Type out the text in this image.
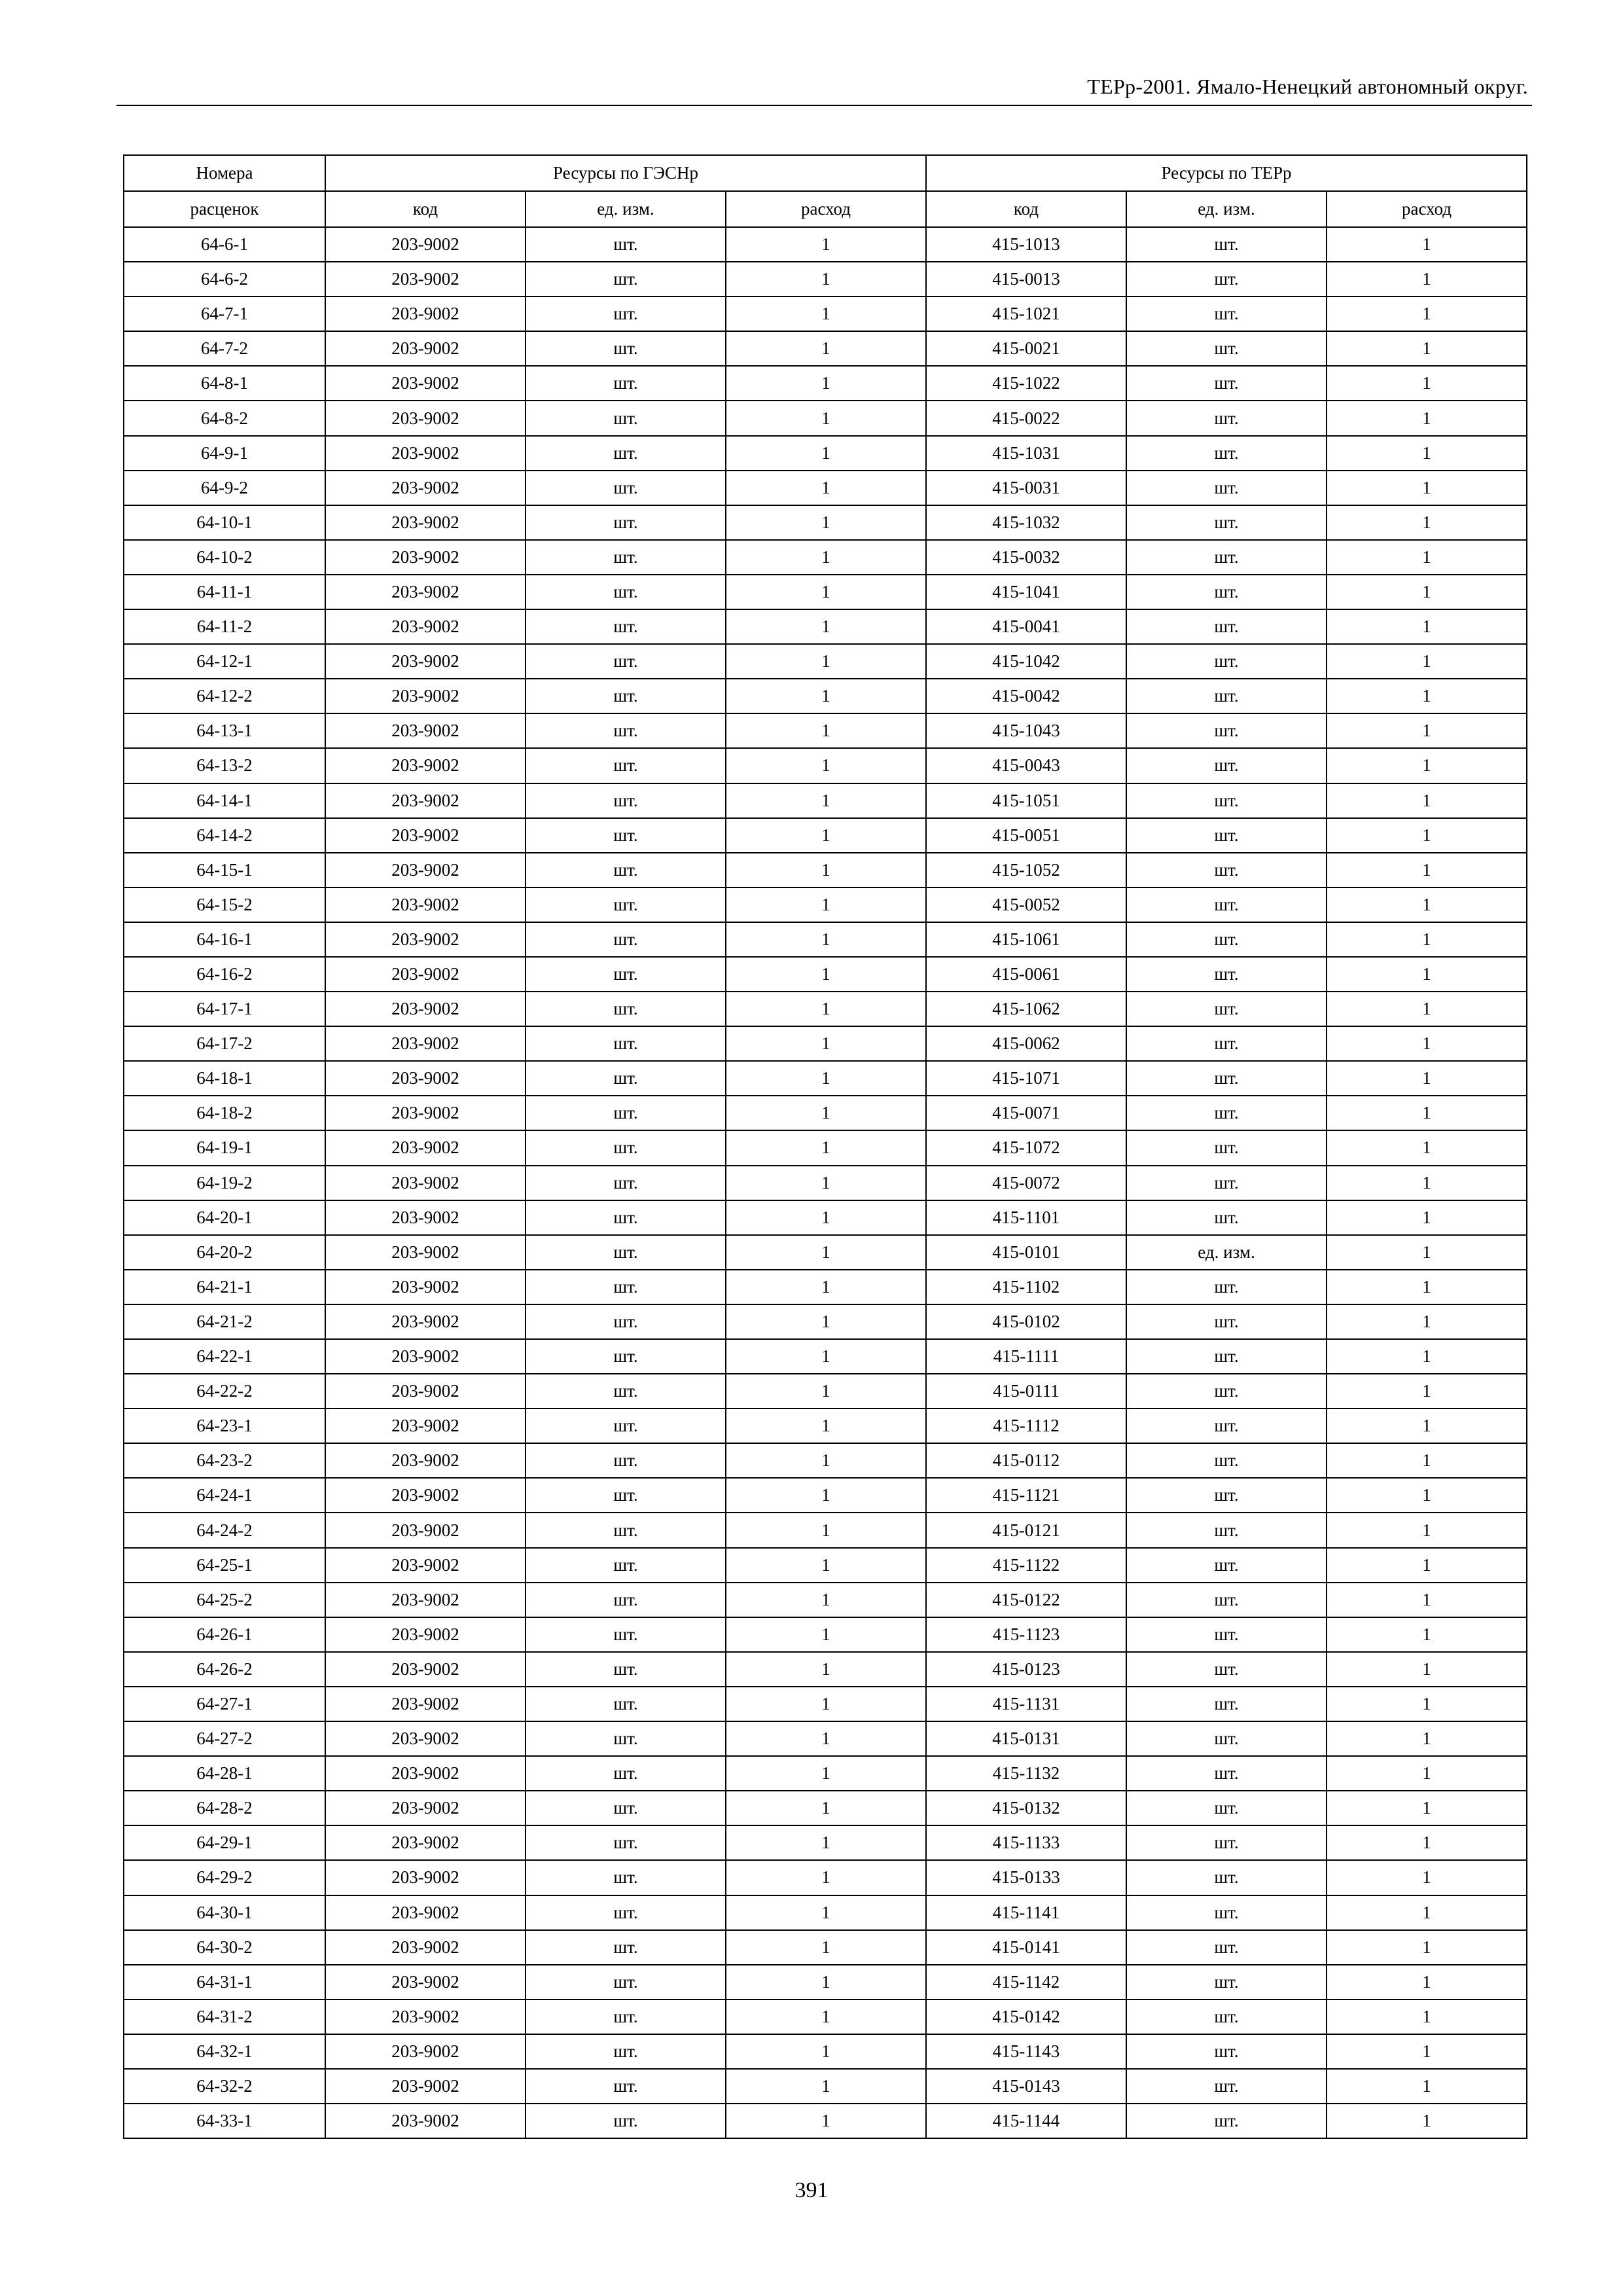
ТЕРр-2001. Ямало-Ненецкий автономный округ.
Номера	Ресурсы по ГЭСНр			Ресурсы по ТЕРр		
расценок	код	ед. изм.	расход	код	ед. изм.	расход
64-6-1	203-9002	шт.	1	415-1013	шт.	1
64-6-2	203-9002	шт.	1	415-0013	шт.	1
64-7-1	203-9002	шт.	1	415-1021	шт.	1
64-7-2	203-9002	шт.	1	415-0021	шт.	1
64-8-1	203-9002	шт.	1	415-1022	шт.	1
64-8-2	203-9002	шт.	1	415-0022	шт.	1
64-9-1	203-9002	шт.	1	415-1031	шт.	1
64-9-2	203-9002	шт.	1	415-0031	шт.	1
64-10-1	203-9002	шт.	1	415-1032	шт.	1
64-10-2	203-9002	шт.	1	415-0032	шт.	1
64-11-1	203-9002	шт.	1	415-1041	шт.	1
64-11-2	203-9002	шт.	1	415-0041	шт.	1
64-12-1	203-9002	шт.	1	415-1042	шт.	1
64-12-2	203-9002	шт.	1	415-0042	шт.	1
64-13-1	203-9002	шт.	1	415-1043	шт.	1
64-13-2	203-9002	шт.	1	415-0043	шт.	1
64-14-1	203-9002	шт.	1	415-1051	шт.	1
64-14-2	203-9002	шт.	1	415-0051	шт.	1
64-15-1	203-9002	шт.	1	415-1052	шт.	1
64-15-2	203-9002	шт.	1	415-0052	шт.	1
64-16-1	203-9002	шт.	1	415-1061	шт.	1
64-16-2	203-9002	шт.	1	415-0061	шт.	1
64-17-1	203-9002	шт.	1	415-1062	шт.	1
64-17-2	203-9002	шт.	1	415-0062	шт.	1
64-18-1	203-9002	шт.	1	415-1071	шт.	1
64-18-2	203-9002	шт.	1	415-0071	шт.	1
64-19-1	203-9002	шт.	1	415-1072	шт.	1
64-19-2	203-9002	шт.	1	415-0072	шт.	1
64-20-1	203-9002	шт.	1	415-1101	шт.	1
64-20-2	203-9002	шт.	1	415-0101	ед. изм.	1
64-21-1	203-9002	шт.	1	415-1102	шт.	1
64-21-2	203-9002	шт.	1	415-0102	шт.	1
64-22-1	203-9002	шт.	1	415-1111	шт.	1
64-22-2	203-9002	шт.	1	415-0111	шт.	1
64-23-1	203-9002	шт.	1	415-1112	шт.	1
64-23-2	203-9002	шт.	1	415-0112	шт.	1
64-24-1	203-9002	шт.	1	415-1121	шт.	1
64-24-2	203-9002	шт.	1	415-0121	шт.	1
64-25-1	203-9002	шт.	1	415-1122	шт.	1
64-25-2	203-9002	шт.	1	415-0122	шт.	1
64-26-1	203-9002	шт.	1	415-1123	шт.	1
64-26-2	203-9002	шт.	1	415-0123	шт.	1
64-27-1	203-9002	шт.	1	415-1131	шт.	1
64-27-2	203-9002	шт.	1	415-0131	шт.	1
64-28-1	203-9002	шт.	1	415-1132	шт.	1
64-28-2	203-9002	шт.	1	415-0132	шт.	1
64-29-1	203-9002	шт.	1	415-1133	шт.	1
64-29-2	203-9002	шт.	1	415-0133	шт.	1
64-30-1	203-9002	шт.	1	415-1141	шт.	1
64-30-2	203-9002	шт.	1	415-0141	шт.	1
64-31-1	203-9002	шт.	1	415-1142	шт.	1
64-31-2	203-9002	шт.	1	415-0142	шт.	1
64-32-1	203-9002	шт.	1	415-1143	шт.	1
64-32-2	203-9002	шт.	1	415-0143	шт.	1
64-33-1	203-9002	шт.	1	415-1144	шт.	1
391
